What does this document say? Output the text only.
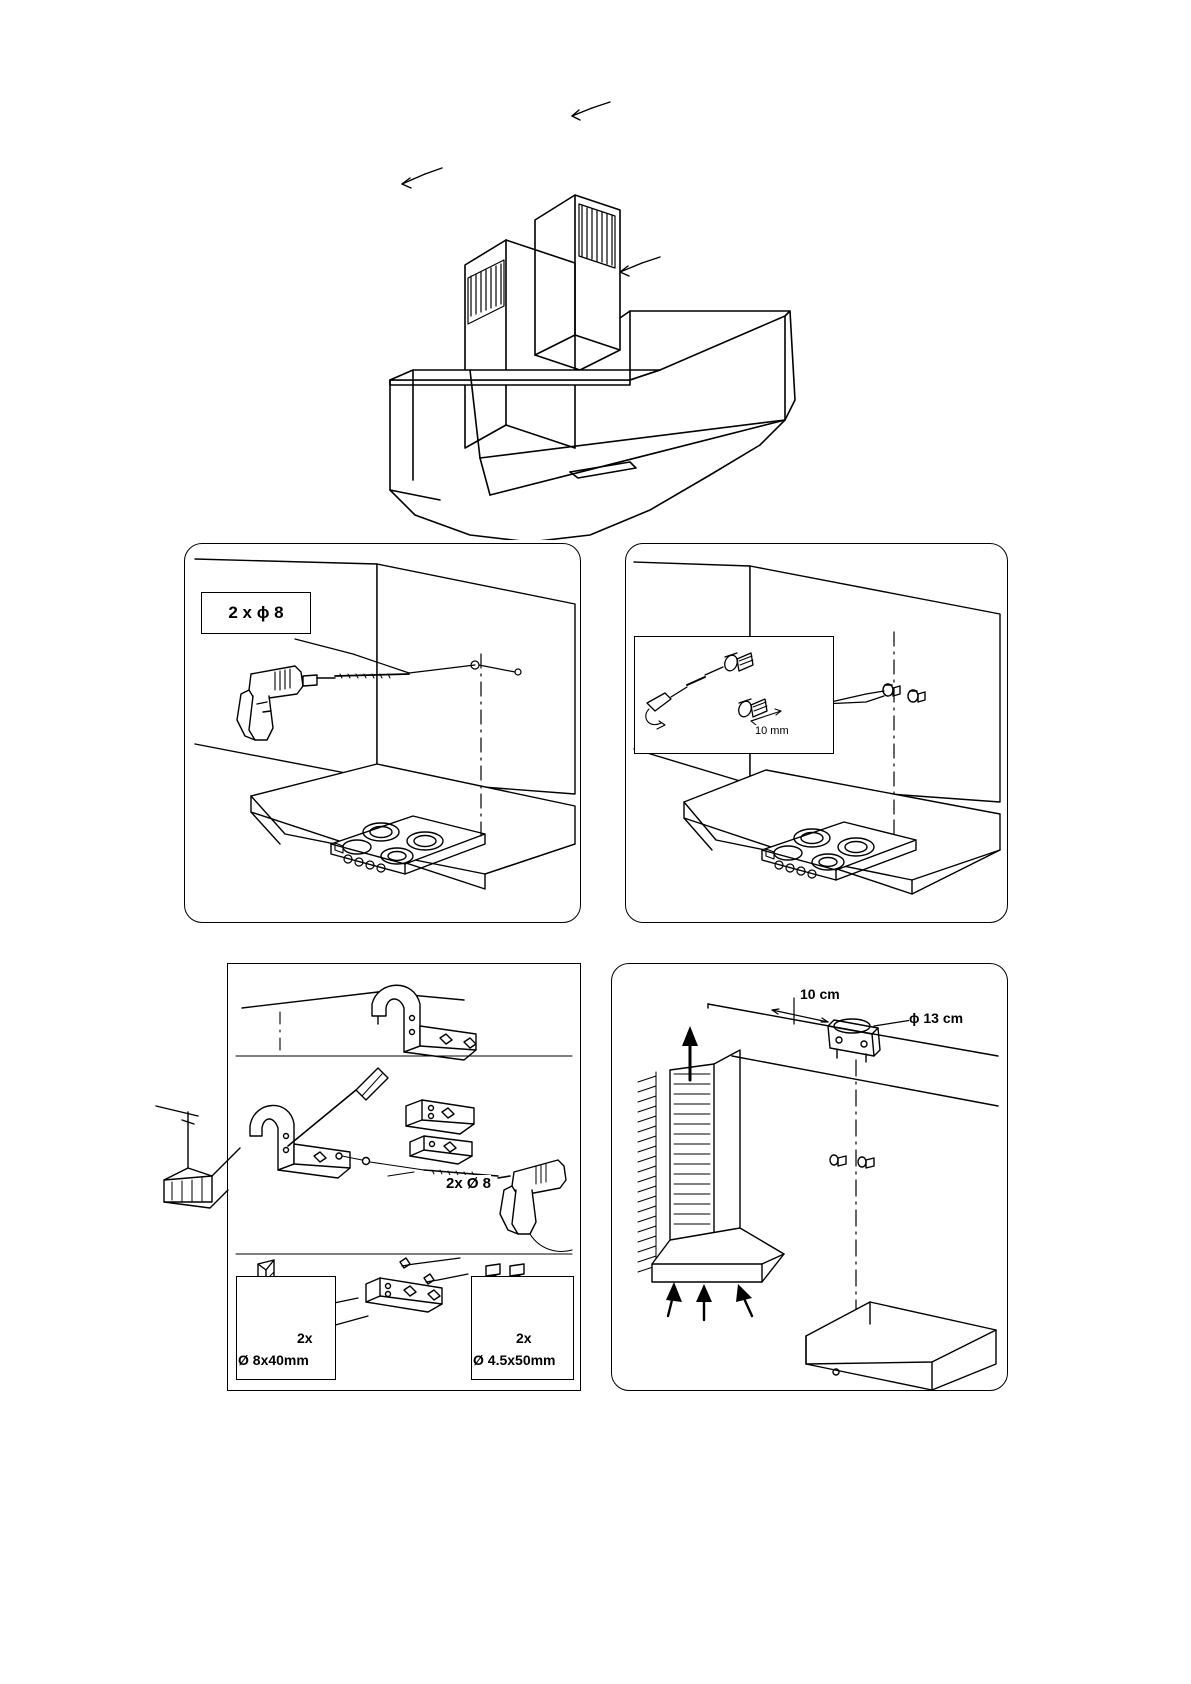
2 x ϕ 8
10 mm
2x Ø 8
2x
Ø 8x40mm
2x
Ø 4.5x50mm
10 cm
ϕ 13 cm
